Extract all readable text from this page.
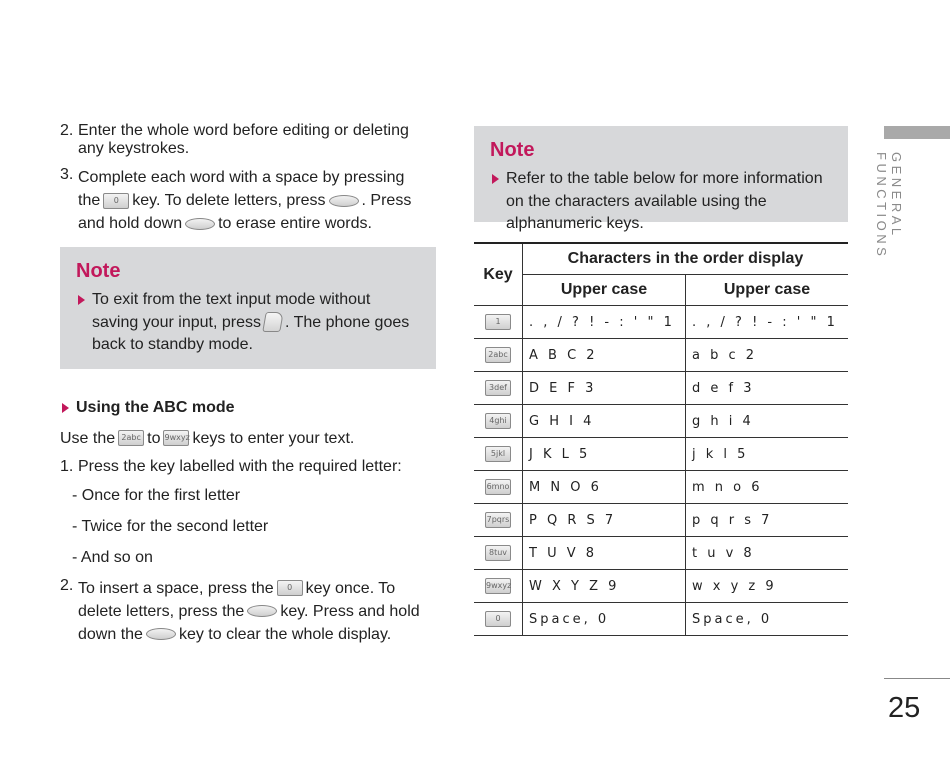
2. Enter the whole word before editing or deleting any keystrokes.
3. Complete each word with a space by pressing
the 0 key. To delete letters, press . Press
and hold down to erase entire words.
Note
To exit from the text input mode without
saving your input, press . The phone goes
back to standby mode.
Using the ABC mode

Use the 2abc to 9wxyz keys to enter your text.

1. Press the key labelled with the required letter:
- Once for the first letter
- Twice for the second letter
- And so on
2. To insert a space, press the 0 key once. To
delete letters, press the key. Press and hold
down the key to clear the whole display.
Note
Refer to the table below for more information on the characters available using the alphanumeric keys.
Key	Characters in the order display	
	Upper case	Upper case
1	. , / ? ! - : ' " 1	. , / ? ! - : ' " 1
2abc	A B C 2	a b c 2
3def	D E F 3	d e f 3
4ghi	G H I 4	g h i 4
5jkl	J K L 5	j k l 5
6mno	M N O 6	m n o 6
7pqrs	P Q R S 7	p q r s 7
8tuv	T U V 8	t u v 8
9wxyz	W X Y Z 9	w x y z 9
0	Space, 0	Space, 0
GENERAL FUNCTIONS
25
